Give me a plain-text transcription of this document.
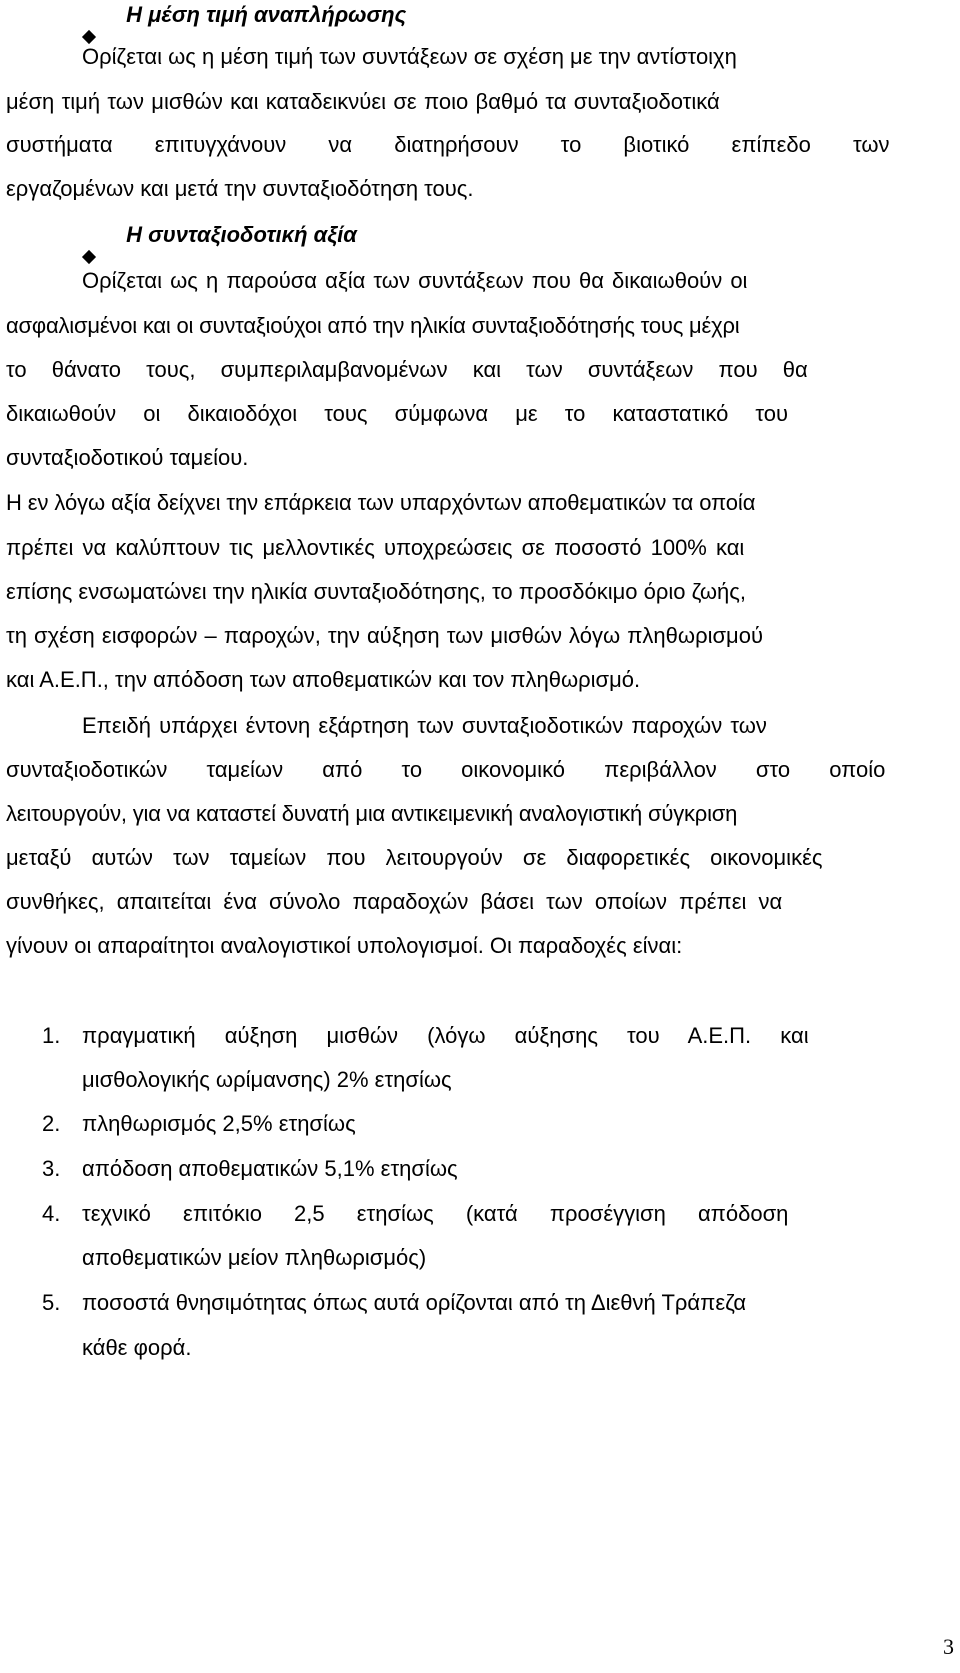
Η μέση τιμή αναπλήρωσης
Ορίζεται ως η μέση τιμή των συντάξεων σε σχέση με την αντίστοιχη
μέση τιμή των μισθών και καταδεικνύει σε ποιο βαθμό τα συνταξιοδοτικά
συστήματα επιτυγχάνουν να διατηρήσουν το βιοτικό επίπεδο των
εργαζομένων και μετά την συνταξιοδότηση τους.
Η συνταξιοδοτική αξία
Ορίζεται ως η παρούσα αξία των συντάξεων που θα δικαιωθούν οι
ασφαλισμένοι και οι συνταξιούχοι από την ηλικία συνταξιοδότησής τους μέχρι
το θάνατο τους, συμπεριλαμβανομένων και των συντάξεων που θα
δικαιωθούν οι δικαιοδόχοι τους σύμφωνα με το καταστατικό του
συνταξιοδοτικού ταμείου.
Η εν λόγω αξία δείχνει την επάρκεια των υπαρχόντων αποθεματικών τα οποία
πρέπει να καλύπτουν τις μελλοντικές υποχρεώσεις σε ποσοστό 100% και
επίσης ενσωματώνει την ηλικία συνταξιοδότησης, το προσδόκιμο όριο ζωής,
τη σχέση εισφορών – παροχών, την αύξηση των μισθών λόγω πληθωρισμού
και Α.Ε.Π., την απόδοση των αποθεματικών και τον πληθωρισμό.
Επειδή υπάρχει έντονη εξάρτηση των συνταξιοδοτικών παροχών των
συνταξιοδοτικών ταμείων από το οικονομικό περιβάλλον στο οποίο
λειτουργούν, για να καταστεί δυνατή μια αντικειμενική αναλογιστική σύγκριση
μεταξύ αυτών των ταμείων που λειτουργούν σε διαφορετικές οικονομικές
συνθήκες, απαιτείται ένα σύνολο παραδοχών βάσει των οποίων πρέπει να
γίνουν οι απαραίτητοι αναλογιστικοί υπολογισμοί. Οι παραδοχές είναι:
1. πραγματική αύξηση μισθών (λόγω αύξησης του Α.Ε.Π. και
μισθολογικής ωρίμανσης) 2% ετησίως
2. πληθωρισμός 2,5% ετησίως
3. απόδοση αποθεματικών 5,1% ετησίως
4. τεχνικό επιτόκιο 2,5 ετησίως (κατά προσέγγιση απόδοση
αποθεματικών μείον πληθωρισμός)
5. ποσοστά θνησιμότητας όπως αυτά ορίζονται από τη Διεθνή Τράπεζα
κάθε φορά.
3
